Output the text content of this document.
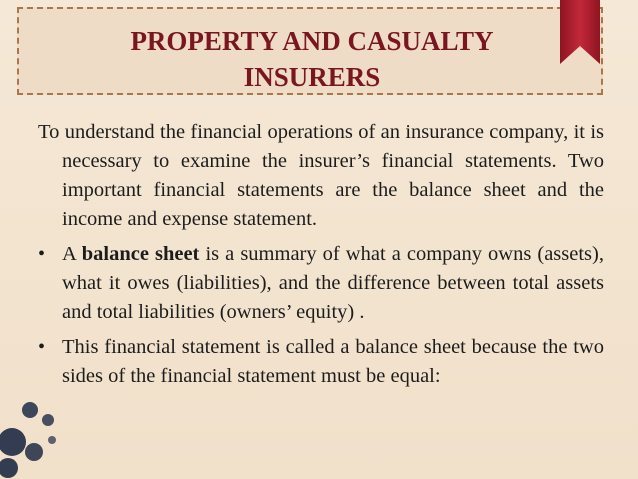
PROPERTY AND CASUALTY
INSURERS

To understand the financial operations of an insurance company, it is necessary to examine the insurer’s financial statements. Two important financial statements are the balance sheet and the income and expense statement.

• A balance sheet is a summary of what a company owns (assets), what it owes (liabilities), and the difference between total assets and total liabilities (owners’ equity) .

• This financial statement is called a balance sheet because the two sides of the financial statement must be equal:
